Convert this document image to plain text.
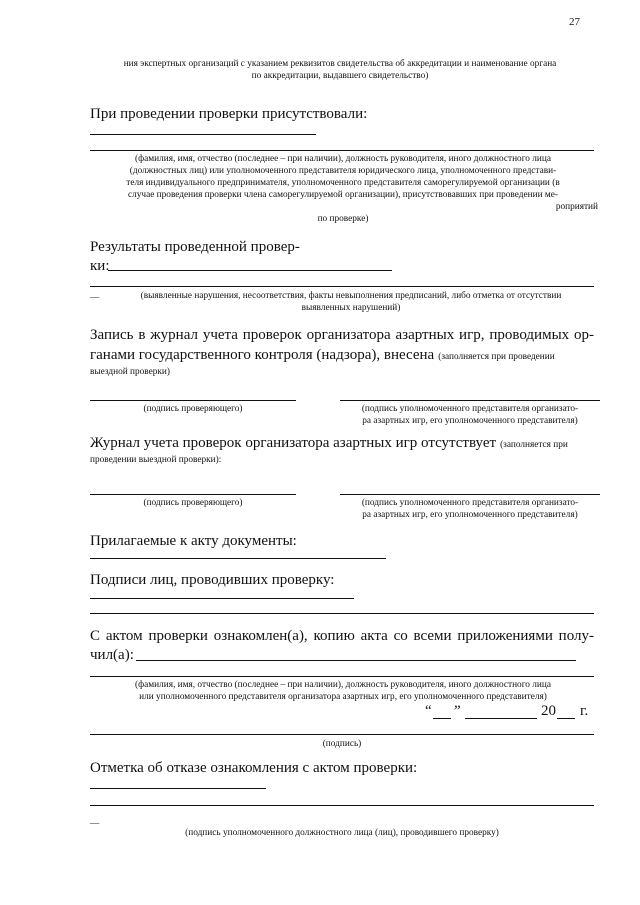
27
ния экспертных организаций с указанием реквизитов свидетельства об аккредитации и наименование органа
по аккредитации, выдавшего свидетельство)
При проведении проверки присутствовали:
(фамилия, имя, отчество (последнее – при наличии), должность руководителя, иного должностного лица
(должностных лиц) или уполномоченного представителя юридического лица, уполномоченного представи-
теля индивидуального предпринимателя, уполномоченного представителя саморегулируемой организации (в
случае проведения проверки члена саморегулируемой организации), присутствовавших при проведении ме-
роприятий
по проверке)
Результаты проведенной провер-
ки:
__	(выявленные нарушения, несоответствия, факты невыполнения предписаний, либо отметка от отсутствии
выявленных нарушений)
Запись в журнал учета проверок организатора азартных игр, проводимых ор-
ганами государственного контроля (надзора), внесена (заполняется при проведении
выездной проверки)
(подпись проверяющего)	(подпись уполномоченного представителя организато-
ра азартных игр, его уполномоченного представителя)
Журнал учета проверок организатора азартных игр отсутствует (заполняется при
проведении выездной проверки):
(подпись проверяющего)	(подпись уполномоченного представителя организато-
ра азартных игр, его уполномоченного представителя)
Прилагаемые к акту документы:
Подписи лиц, проводивших проверку:
С актом проверки ознакомлен(а), копию акта со всеми приложениями полу-
чил(а):
(фамилия, имя, отчество (последнее – при наличии), должность руководителя, иного должностного лица
или уполномоченного представителя организатора азартных игр, его уполномоченного представителя)
“ ”	20 г.
(подпись)
Отметка об отказе ознакомления с актом проверки:
__
(подпись уполномоченного должностного лица (лиц), проводившего проверку)
